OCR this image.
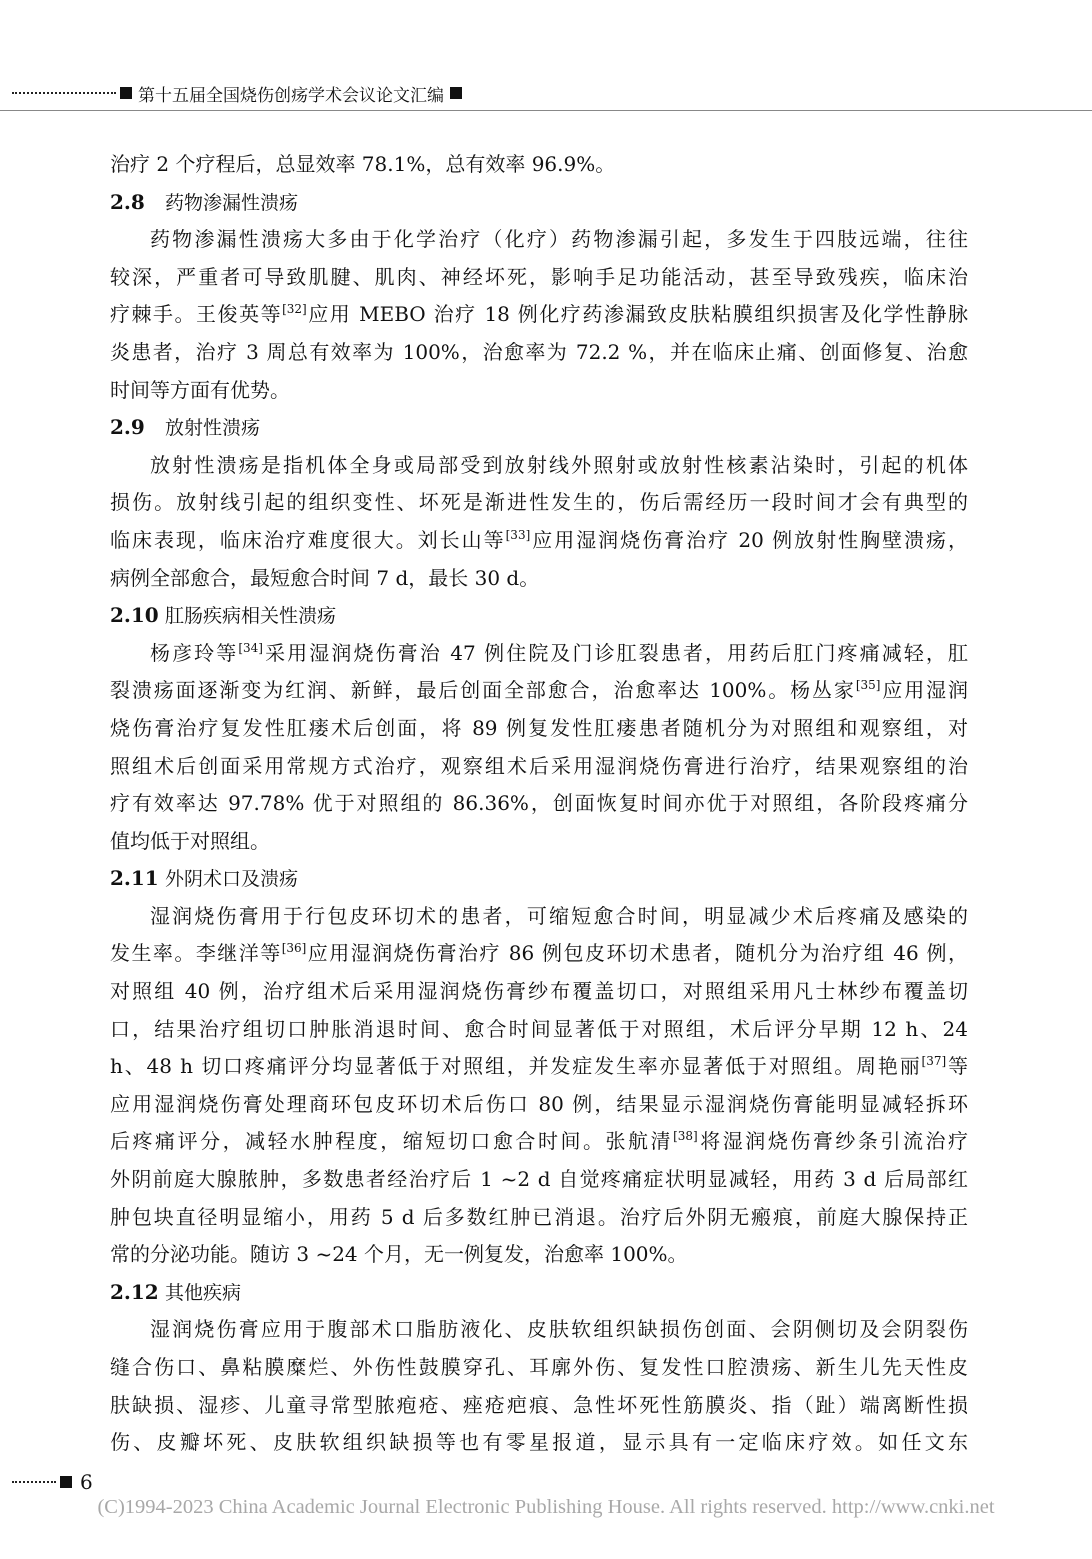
第十五届全国烧伤创疡学术会议论文汇编
治疗 2 个疗程后，总显效率 78.1%，总有效率 96.9%。
2.8 药物渗漏性溃疡
药物渗漏性溃疡大多由于化学治疗（化疗）药物渗漏引起，多发生于四肢远端，往往
较深，严重者可导致肌腱、肌肉、神经坏死，影响手足功能活动，甚至导致残疾，临床治
疗棘手。王俊英等[32]应用 MEBO 治疗 18 例化疗药渗漏致皮肤粘膜组织损害及化学性静脉
炎患者，治疗 3 周总有效率为 100%，治愈率为 72.2 %，并在临床止痛、创面修复、治愈
时间等方面有优势。
2.9 放射性溃疡
放射性溃疡是指机体全身或局部受到放射线外照射或放射性核素沾染时，引起的机体
损伤。放射线引起的组织变性、坏死是渐进性发生的，伤后需经历一段时间才会有典型的
临床表现，临床治疗难度很大。刘长山等[33]应用湿润烧伤膏治疗 20 例放射性胸壁溃疡，
病例全部愈合，最短愈合时间 7 d，最长 30 d。
2.10 肛肠疾病相关性溃疡
杨彦玲等[34]采用湿润烧伤膏治 47 例住院及门诊肛裂患者，用药后肛门疼痛减轻，肛
裂溃疡面逐渐变为红润、新鲜，最后创面全部愈合，治愈率达 100%。杨丛家[35]应用湿润
烧伤膏治疗复发性肛瘘术后创面，将 89 例复发性肛瘘患者随机分为对照组和观察组，对
照组术后创面采用常规方式治疗，观察组术后采用湿润烧伤膏进行治疗，结果观察组的治
疗有效率达 97.78% 优于对照组的 86.36%，创面恢复时间亦优于对照组，各阶段疼痛分
值均低于对照组。
2.11 外阴术口及溃疡
湿润烧伤膏用于行包皮环切术的患者，可缩短愈合时间，明显减少术后疼痛及感染的
发生率。李继洋等[36]应用湿润烧伤膏治疗 86 例包皮环切术患者，随机分为治疗组 46 例，
对照组 40 例，治疗组术后采用湿润烧伤膏纱布覆盖切口，对照组采用凡士林纱布覆盖切
口，结果治疗组切口肿胀消退时间、愈合时间显著低于对照组，术后评分早期 12 h、24
h、48 h 切口疼痛评分均显著低于对照组，并发症发生率亦显著低于对照组。周艳丽[37]等
应用湿润烧伤膏处理商环包皮环切术后伤口 80 例，结果显示湿润烧伤膏能明显减轻拆环
后疼痛评分，减轻水肿程度，缩短切口愈合时间。张航清[38]将湿润烧伤膏纱条引流治疗
外阴前庭大腺脓肿，多数患者经治疗后 1 ~2 d 自觉疼痛症状明显减轻，用药 3 d 后局部红
肿包块直径明显缩小，用药 5 d 后多数红肿已消退。治疗后外阴无瘢痕，前庭大腺保持正
常的分泌功能。随访 3 ~24 个月，无一例复发，治愈率 100%。
2.12 其他疾病
湿润烧伤膏应用于腹部术口脂肪液化、皮肤软组织缺损伤创面、会阴侧切及会阴裂伤
缝合伤口、鼻粘膜糜烂、外伤性鼓膜穿孔、耳廓外伤、复发性口腔溃疡、新生儿先天性皮
肤缺损、湿疹、儿童寻常型脓疱疮、痤疮疤痕、急性坏死性筋膜炎、指（趾）端离断性损
伤、皮瓣坏死、皮肤软组织缺损等也有零星报道，显示具有一定临床疗效。如任文东
6
(C)1994-2023 China Academic Journal Electronic Publishing House. All rights reserved. http://www.cnki.net
